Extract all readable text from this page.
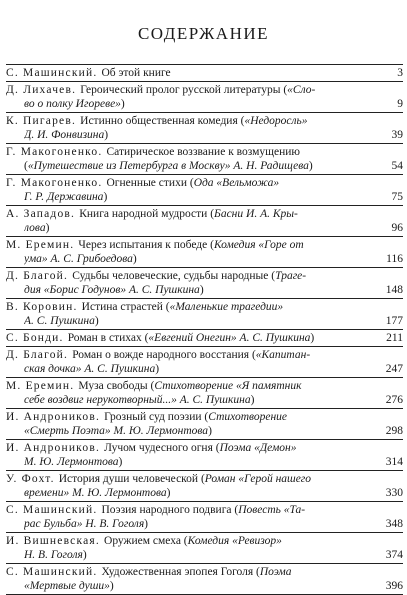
СОДЕРЖАНИЕ
С. Машинский. Об этой книге	3
Д. Лихачев. Героический пролог русской литературы («Сло-
во о полку Игореве»)	9
К. Пигарев. Истинно общественная комедия («Недоросль»
Д. И. Фонвизина)	39
Г. Макогоненко. Сатирическое воззвание к возмущению
(«Путешествие из Петербурга в Москву» А. Н. Радищева)	54
Г. Макогоненко. Огненные стихи (Ода «Вельможа»
Г. Р. Державина)	75
А. Западов. Книга народной мудрости (Басни И. А. Кры-
лова)	96
М. Еремин. Через испытания к победе (Комедия «Горе от
ума» А. С. Грибоедова)	116
Д. Благой. Судьбы человеческие, судьбы народные (Траге-
дия «Борис Годунов» А. С. Пушкина)	148
В. Коровин. Истина страстей («Маленькие трагедии»
А. С. Пушкина)	177
С. Бонди. Роман в стихах («Евгений Онегин» А. С. Пушкина)	211
Д. Благой. Роман о вожде народного восстания («Капитан-
ская дочка» А. С. Пушкина)	247
М. Еремин. Муза свободы (Стихотворение «Я памятник
себе воздвиг нерукотворный...» А. С. Пушкина)	276
И. Андроников. Грозный суд поэзии (Стихотворение
«Смерть Поэта» М. Ю. Лермонтова)	298
И. Андроников. Лучом чудесного огня (Поэма «Демон»
М. Ю. Лермонтова)	314
У. Фохт. История души человеческой (Роман «Герой нашего
времени» М. Ю. Лермонтова)	330
С. Машинский. Поэзия народного подвига (Повесть «Та-
рас Бульба» Н. В. Гоголя)	348
И. Вишневская. Оружием смеха (Комедия «Ревизор»
Н. В. Гоголя)	374
С. Машинский. Художественная эпопея Гоголя (Поэма
«Мертвые души»)	396
